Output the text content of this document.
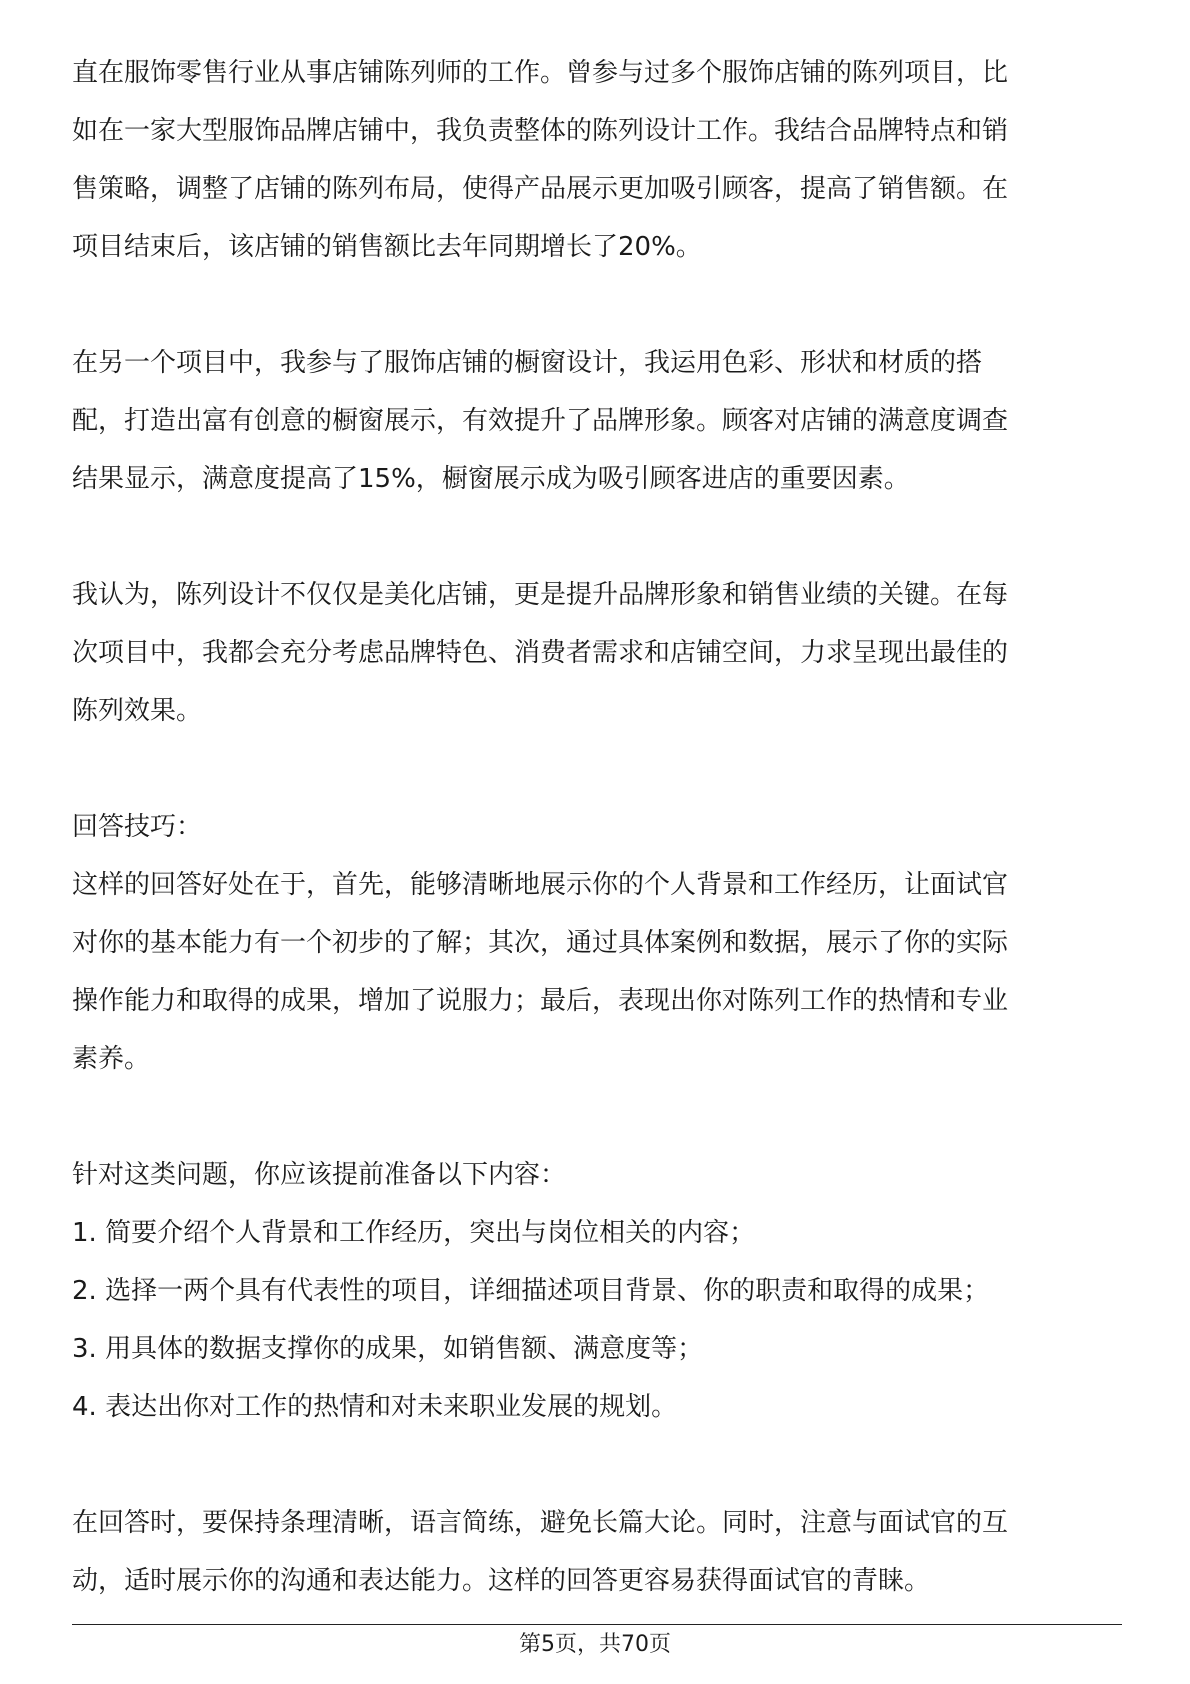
直在服饰零售行业从事店铺陈列师的工作。曾参与过多个服饰店铺的陈列项目，比
如在一家大型服饰品牌店铺中，我负责整体的陈列设计工作。我结合品牌特点和销
售策略，调整了店铺的陈列布局，使得产品展示更加吸引顾客，提高了销售额。在
项目结束后，该店铺的销售额比去年同期增长了20%。
在另一个项目中，我参与了服饰店铺的橱窗设计，我运用色彩、形状和材质的搭
配，打造出富有创意的橱窗展示，有效提升了品牌形象。顾客对店铺的满意度调查
结果显示，满意度提高了15%，橱窗展示成为吸引顾客进店的重要因素。
我认为，陈列设计不仅仅是美化店铺，更是提升品牌形象和销售业绩的关键。在每
次项目中，我都会充分考虑品牌特色、消费者需求和店铺空间，力求呈现出最佳的
陈列效果。
回答技巧：
这样的回答好处在于，首先，能够清晰地展示你的个人背景和工作经历，让面试官
对你的基本能力有一个初步的了解；其次，通过具体案例和数据，展示了你的实际
操作能力和取得的成果，增加了说服力；最后，表现出你对陈列工作的热情和专业
素养。
针对这类问题，你应该提前准备以下内容：
1. 简要介绍个人背景和工作经历，突出与岗位相关的内容；
2. 选择一两个具有代表性的项目，详细描述项目背景、你的职责和取得的成果；
3. 用具体的数据支撑你的成果，如销售额、满意度等；
4. 表达出你对工作的热情和对未来职业发展的规划。
在回答时，要保持条理清晰，语言简练，避免长篇大论。同时，注意与面试官的互
动，适时展示你的沟通和表达能力。这样的回答更容易获得面试官的青睐。
第5页，共70页
